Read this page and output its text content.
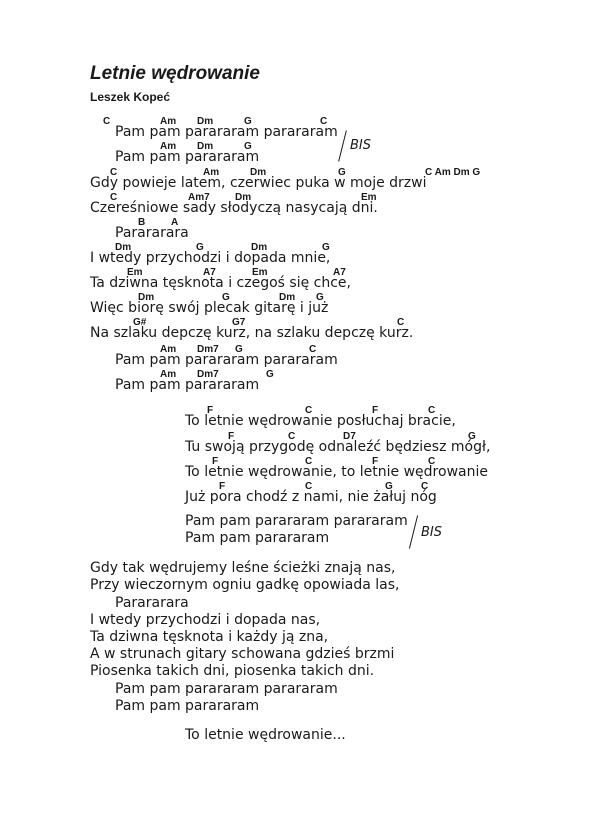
Letnie wędrowanie
Leszek Kopeć
BIS
BIS
Pam pam parararam parararam
C	Am Dm	G	C
Pam pam parararam
Am Dm	G
Gdy powieje latem, czerwiec puka w moje drzwi
C	Am	Dm	G	C Am Dm G
Czereśniowe sady słodyczą nasycają dni.
C	Am7	Dm	Em
Parararara
B	A
I wtedy przychodzi i dopada mnie,
Dm	G	Dm	G
Ta dziwna tęsknota i czegoś się chce,
Em	A7	Em	A7
Więc biorę swój plecak gitarę i już
Dm	G	Dm G
Na szlaku depczę kurz, na szlaku depczę kurz.
G#	G7	C
Pam pam parararam parararam
Am Dm7 G	C
Pam pam parararam
Am Dm7	G
To letnie wędrowanie posłuchaj bracie,
F	C	F	C
Tu swoją przygodę odnaleźć będziesz mógł,
F	C	D7	G
To letnie wędrowanie, to letnie wędrowanie
F	C	F	C
Już pora chodź z nami, nie żałuj nóg
F	C	G	C
Pam pam parararam parararam
Pam pam parararam
Gdy tak wędrujemy leśne ścieżki znają nas,
Przy wieczornym ogniu gadkę opowiada las,
Parararara
I wtedy przychodzi i dopada nas,
Ta dziwna tęsknota i każdy ją zna,
A w strunach gitary schowana gdzieś brzmi
Piosenka takich dni, piosenka takich dni.
Pam pam parararam parararam
Pam pam parararam
To letnie wędrowanie...
